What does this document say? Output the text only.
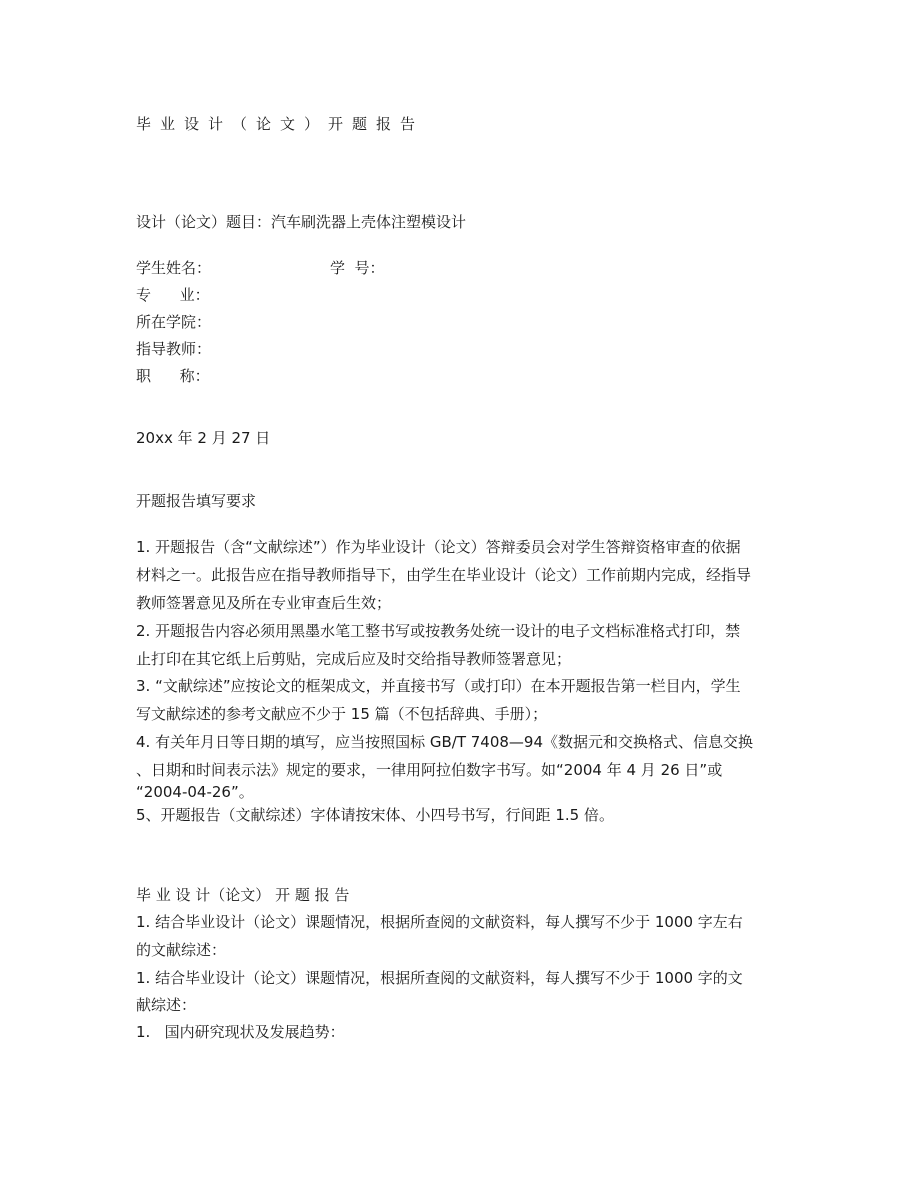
毕业设计（论文）开题报告
设计（论文）题目：汽车刷洗器上壳体注塑模设计
学生姓名：	学  号：
专      业：
所在学院：
指导教师：
职      称：
20xx 年 2 月 27 日
开题报告填写要求
1. 开题报告（含“文献综述”）作为毕业设计（论文）答辩委员会对学生答辩资格审查的依据
材料之一。此报告应在指导教师指导下，由学生在毕业设计（论文）工作前期内完成，经指导
教师签署意见及所在专业审查后生效；
2. 开题报告内容必须用黑墨水笔工整书写或按教务处统一设计的电子文档标准格式打印，禁
止打印在其它纸上后剪贴，完成后应及时交给指导教师签署意见；
3. “文献综述”应按论文的框架成文，并直接书写（或打印）在本开题报告第一栏目内，学生
写文献综述的参考文献应不少于 15 篇（不包括辞典、手册）；
4. 有关年月日等日期的填写，应当按照国标 GB/T 7408—94《数据元和交换格式、信息交换
、日期和时间表示法》规定的要求，一律用阿拉伯数字书写。如“2004 年 4 月 26 日”或
“2004-04-26”。
5、开题报告（文献综述）字体请按宋体、小四号书写，行间距 1.5 倍。
毕 业 设 计（论文） 开 题 报 告
1. 结合毕业设计（论文）课题情况，根据所查阅的文献资料，每人撰写不少于 1000 字左右
的文献综述：
1. 结合毕业设计（论文）课题情况，根据所查阅的文献资料，每人撰写不少于 1000 字的文
献综述：
1.   国内研究现状及发展趋势：
